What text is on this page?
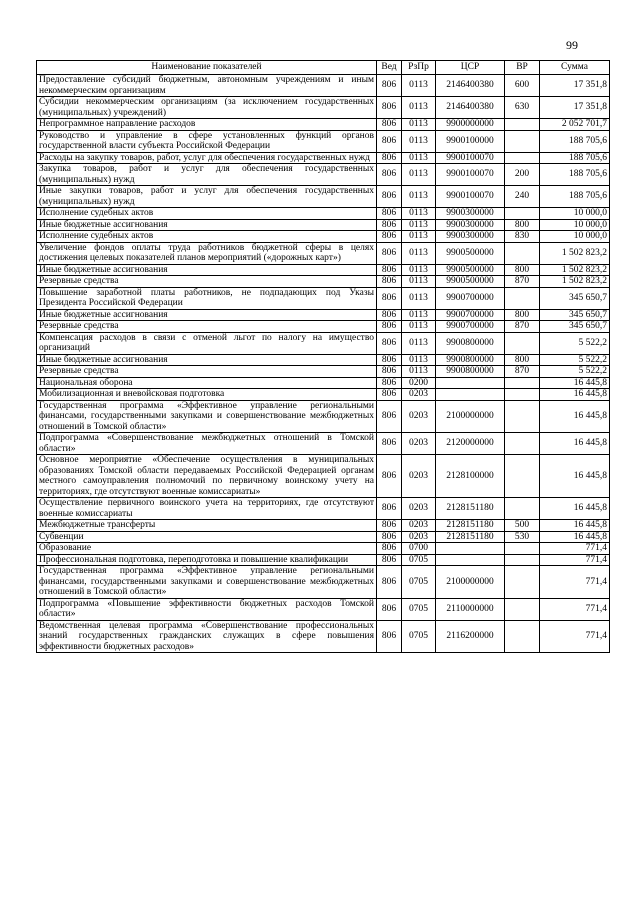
99
Наименование показателей	Вед	РзПр	ЦСР	ВР	Сумма
Предоставление субсидий бюджетным, автономным учреждениям и иным некоммерческим организациям	806	0113	2146400380	600	17 351,8
Субсидии некоммерческим организациям (за исключением государственных (муниципальных) учреждений)	806	0113	2146400380	630	17 351,8
Непрограммное направление расходов	806	0113	9900000000		2 052 701,7
Руководство и управление в сфере установленных функций органов государственной власти субъекта Российской Федерации	806	0113	9900100000		188 705,6
Расходы на закупку товаров, работ, услуг для обеспечения государственных нужд	806	0113	9900100070		188 705,6
Закупка товаров, работ и услуг для обеспечения государственных (муниципальных) нужд	806	0113	9900100070	200	188 705,6
Иные закупки товаров, работ и услуг для обеспечения государственных (муниципальных) нужд	806	0113	9900100070	240	188 705,6
Исполнение судебных актов	806	0113	9900300000		10 000,0
Иные бюджетные ассигнования	806	0113	9900300000	800	10 000,0
Исполнение судебных актов	806	0113	9900300000	830	10 000,0
Увеличение фондов оплаты труда работников бюджетной сферы в целях достижения целевых показателей планов мероприятий («дорожных карт»)	806	0113	9900500000		1 502 823,2
Иные бюджетные ассигнования	806	0113	9900500000	800	1 502 823,2
Резервные средства	806	0113	9900500000	870	1 502 823,2
Повышение заработной платы работников, не подпадающих под Указы Президента Российской Федерации	806	0113	9900700000		345 650,7
Иные бюджетные ассигнования	806	0113	9900700000	800	345 650,7
Резервные средства	806	0113	9900700000	870	345 650,7
Компенсация расходов в связи с отменой льгот по налогу на имущество организаций	806	0113	9900800000		5 522,2
Иные бюджетные ассигнования	806	0113	9900800000	800	5 522,2
Резервные средства	806	0113	9900800000	870	5 522,2
Национальная оборона	806	0200			16 445,8
Мобилизационная и вневойсковая подготовка	806	0203			16 445,8
Государственная программа «Эффективное управление региональными финансами, государственными закупками и совершенствование межбюджетных отношений в Томской области»	806	0203	2100000000		16 445,8
Подпрограмма «Совершенствование межбюджетных отношений в Томской области»	806	0203	2120000000		16 445,8
Основное мероприятие «Обеспечение осуществления в муниципальных образованиях Томской области передаваемых Российской Федерацией органам местного самоуправления полномочий по первичному воинскому учету на территориях, где отсутствуют военные комиссариаты»	806	0203	2128100000		16 445,8
Осуществление первичного воинского учета на территориях, где отсутствуют военные комиссариаты	806	0203	2128151180		16 445,8
Межбюджетные трансферты	806	0203	2128151180	500	16 445,8
Субвенции	806	0203	2128151180	530	16 445,8
Образование	806	0700			771,4
Профессиональная подготовка, переподготовка и повышение квалификации	806	0705			771,4
Государственная программа «Эффективное управление региональными финансами, государственными закупками и совершенствование межбюджетных отношений в Томской области»	806	0705	2100000000		771,4
Подпрограмма «Повышение эффективности бюджетных расходов Томской области»	806	0705	2110000000		771,4
Ведомственная целевая программа «Совершенствование профессиональных знаний государственных гражданских служащих в сфере повышения эффективности бюджетных расходов»	806	0705	2116200000		771,4
